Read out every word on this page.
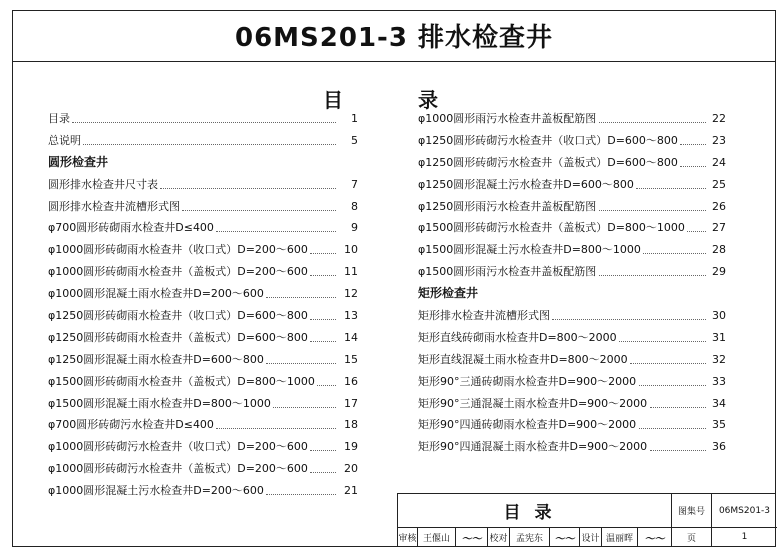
06MS201-3 排水检查井
目	录
目录	1
总说明	5
圆形检查井
圆形排水检查井尺寸表	7
圆形排水检查井流槽形式图	8
φ700圆形砖砌雨水检查井D≤400	9
φ1000圆形砖砌雨水检查井（收口式）D=200～600	10
φ1000圆形砖砌雨水检查井（盖板式）D=200～600	11
φ1000圆形混凝土雨水检查井D=200～600	12
φ1250圆形砖砌雨水检查井（收口式）D=600～800	13
φ1250圆形砖砌雨水检查井（盖板式）D=600～800	14
φ1250圆形混凝土雨水检查井D=600～800	15
φ1500圆形砖砌雨水检查井（盖板式）D=800～1000	16
φ1500圆形混凝土雨水检查井D=800～1000	17
φ700圆形砖砌污水检查井D≤400	18
φ1000圆形砖砌污水检查井（收口式）D=200～600	19
φ1000圆形砖砌污水检查井（盖板式）D=200～600	20
φ1000圆形混凝土污水检查井D=200～600	21
φ1000圆形雨污水检查井盖板配筋图	22
φ1250圆形砖砌污水检查井（收口式）D=600～800	23
φ1250圆形砖砌污水检查井（盖板式）D=600～800	24
φ1250圆形混凝土污水检查井D=600～800	25
φ1250圆形雨污水检查井盖板配筋图	26
φ1500圆形砖砌污水检查井（盖板式）D=800～1000	27
φ1500圆形混凝土污水检查井D=800～1000	28
φ1500圆形雨污水检查井盖板配筋图	29
矩形检查井
矩形排水检查井流槽形式图	30
矩形直线砖砌雨水检查井D=800～2000	31
矩形直线混凝土雨水检查井D=800～2000	32
矩形90°三通砖砌雨水检查井D=900～2000	33
矩形90°三通混凝土雨水检查井D=900～2000	34
矩形90°四通砖砌雨水检查井D=900～2000	35
矩形90°四通混凝土雨水检查井D=900～2000	36
目录	图集号	06MS201-3
审核 王偃山	〜〜 校对 孟宪东	〜〜 设计 温丽晖	〜〜	页	1
